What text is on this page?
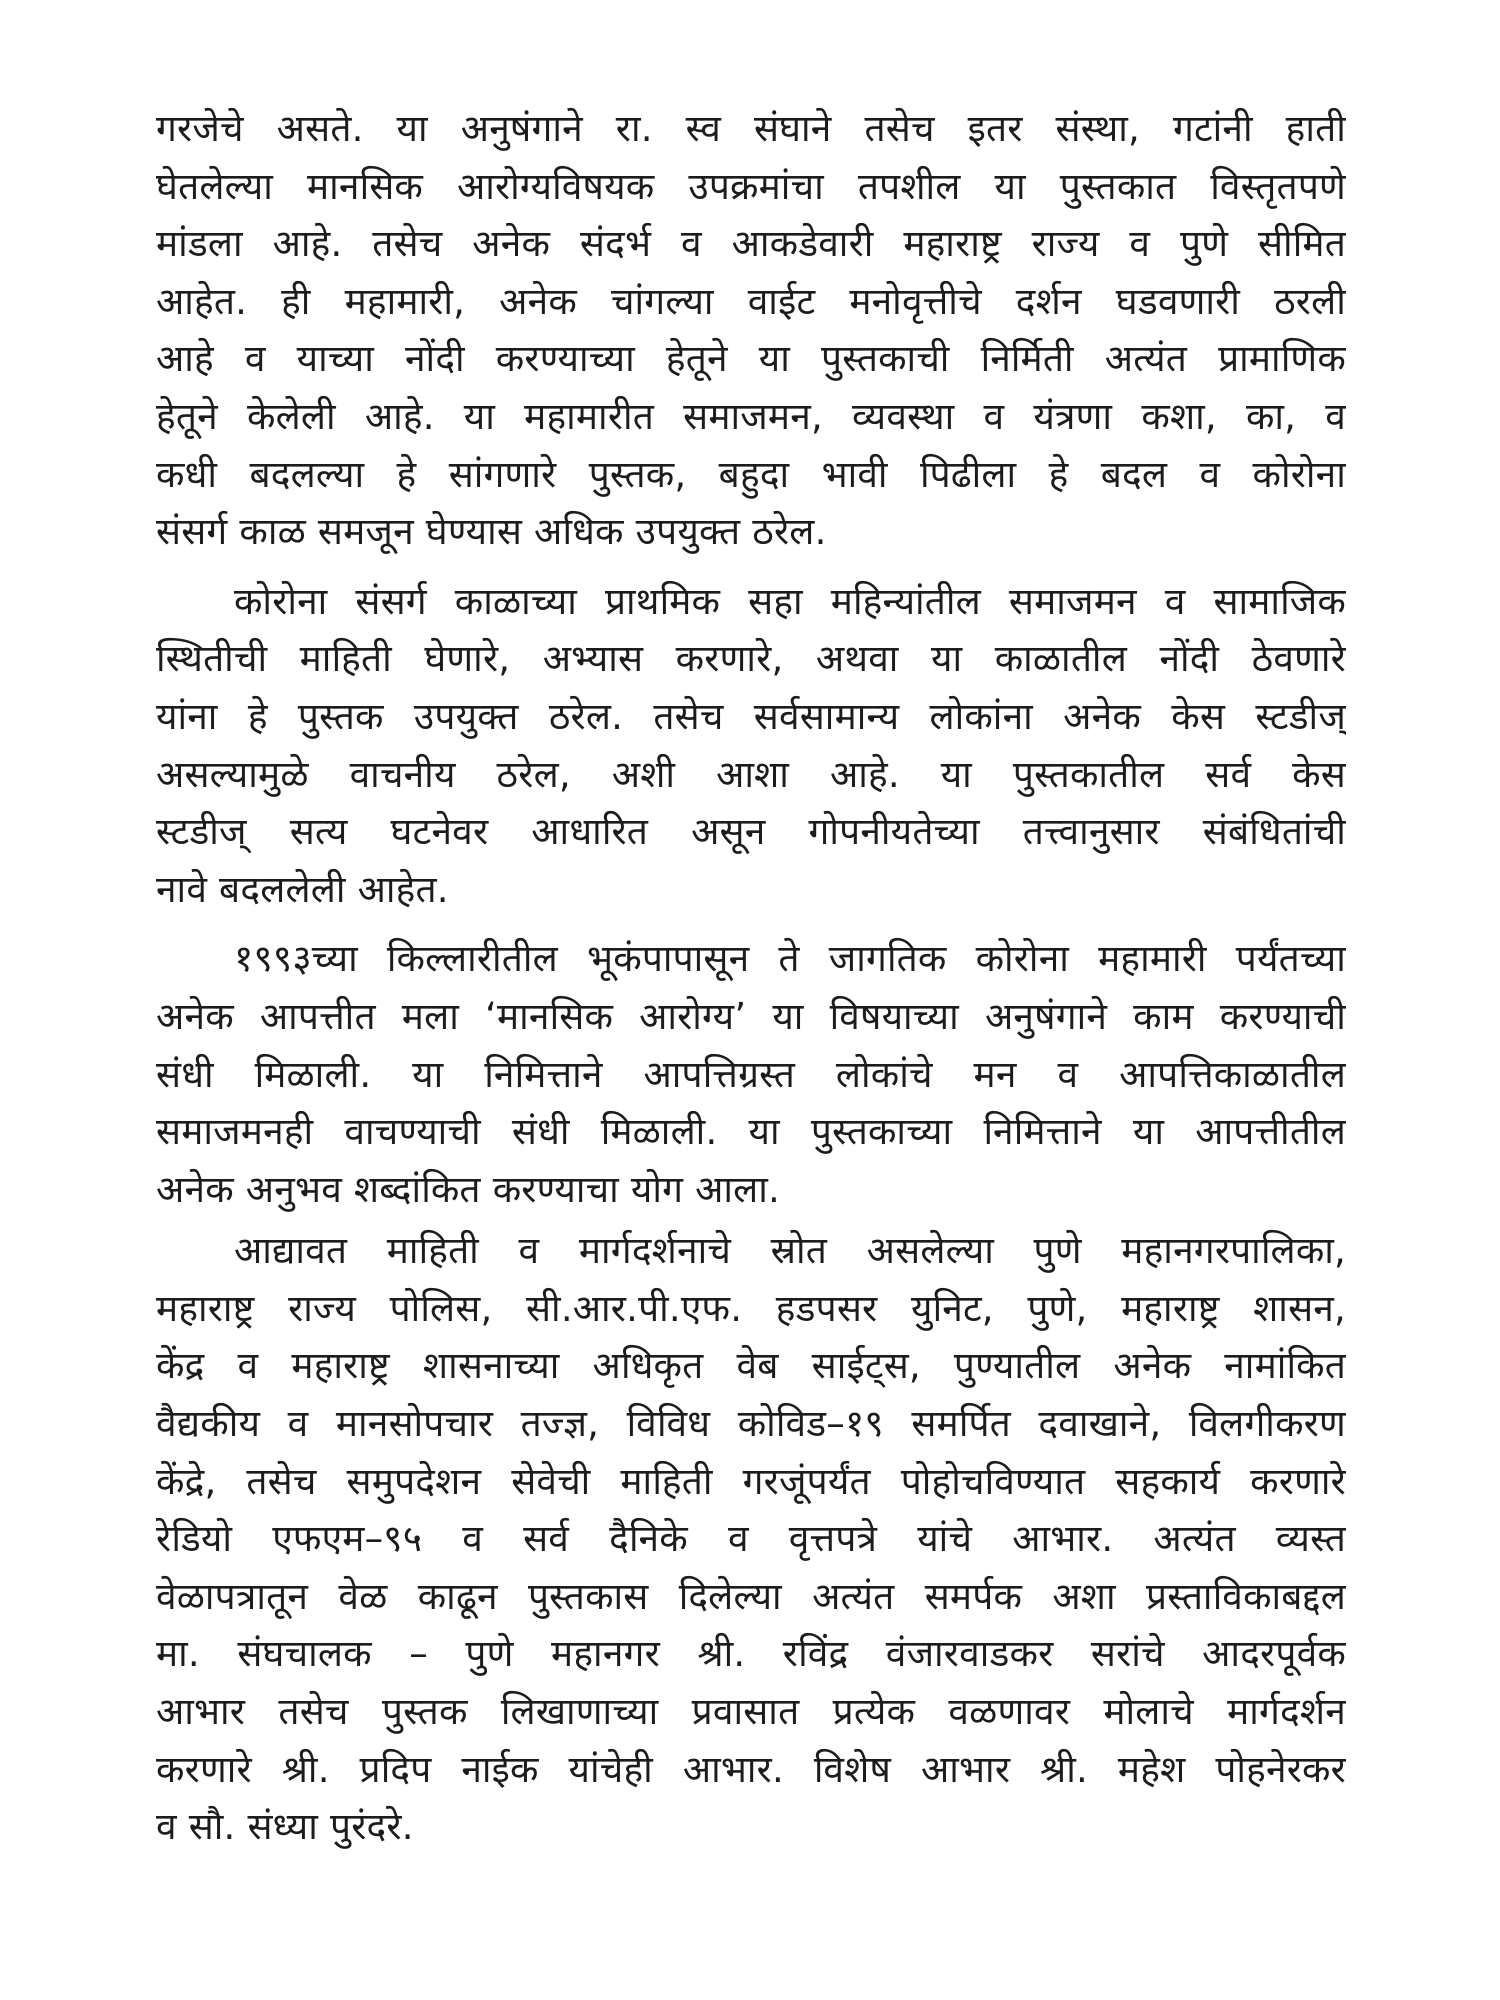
गरजेचे असते. या अनुषंगाने रा. स्व संघाने तसेच इतर संस्था, गटांनी हाती
घेतलेल्या मानसिक आरोग्यविषयक उपक्रमांचा तपशील या पुस्तकात विस्तृतपणे
मांडला आहे. तसेच अनेक संदर्भ व आकडेवारी महाराष्ट्र राज्य व पुणे सीमित
आहेत. ही महामारी, अनेक चांगल्या वाईट मनोवृत्तीचे दर्शन घडवणारी ठरली
आहे व याच्या नोंदी करण्याच्या हेतूने या पुस्तकाची निर्मिती अत्यंत प्रामाणिक
हेतूने केलेली आहे. या महामारीत समाजमन, व्यवस्था व यंत्रणा कशा, का, व
कधी बदलल्या हे सांगणारे पुस्तक, बहुदा भावी पिढीला हे बदल व कोरोना
संसर्ग काळ समजून घेण्यास अधिक उपयुक्त ठरेल.
कोरोना संसर्ग काळाच्या प्राथमिक सहा महिन्यांतील समाजमन व सामाजिक
स्थितीची माहिती घेणारे, अभ्यास करणारे, अथवा या काळातील नोंदी ठेवणारे
यांना हे पुस्तक उपयुक्त ठरेल. तसेच सर्वसामान्य लोकांना अनेक केस स्टडीज्
असल्यामुळे वाचनीय ठरेल, अशी आशा आहे. या पुस्तकातील सर्व केस
स्टडीज् सत्य घटनेवर आधारित असून गोपनीयतेच्या तत्त्वानुसार संबंधितांची
नावे बदललेली आहेत.
१९९३च्या किल्लारीतील भूकंपापासून ते जागतिक कोरोना महामारी पर्यंतच्या
अनेक आपत्तीत मला ‘मानसिक आरोग्य’ या विषयाच्या अनुषंगाने काम करण्याची
संधी मिळाली. या निमित्ताने आपत्तिग्रस्त लोकांचे मन व आपत्तिकाळातील
समाजमनही वाचण्याची संधी मिळाली. या पुस्तकाच्या निमित्ताने या आपत्तीतील
अनेक अनुभव शब्दांकित करण्याचा योग आला.
आद्यावत माहिती व मार्गदर्शनाचे स्रोत असलेल्या पुणे महानगरपालिका,
महाराष्ट्र राज्य पोलिस, सी.आर.पी.एफ. हडपसर युनिट, पुणे, महाराष्ट्र शासन,
केंद्र व महाराष्ट्र शासनाच्या अधिकृत वेब साईट्स, पुण्यातील अनेक नामांकित
वैद्यकीय व मानसोपचार तज्ज्ञ, विविध कोविड–१९ समर्पित दवाखाने, विलगीकरण
केंद्रे, तसेच समुपदेशन सेवेची माहिती गरजूंपर्यंत पोहोचविण्यात सहकार्य करणारे
रेडियो एफएम–९५ व सर्व दैनिके व वृत्तपत्रे यांचे आभार. अत्यंत व्यस्त
वेळापत्रातून वेळ काढून पुस्तकास दिलेल्या अत्यंत समर्पक अशा प्रस्ताविकाबद्दल
मा. संघचालक – पुणे महानगर श्री. रविंद्र वंजारवाडकर सरांचे आदरपूर्वक
आभार तसेच पुस्तक लिखाणाच्या प्रवासात प्रत्येक वळणावर मोलाचे मार्गदर्शन
करणारे श्री. प्रदिप नाईक यांचेही आभार. विशेष आभार श्री. महेश पोहनेरकर
व सौ. संध्या पुरंदरे.
